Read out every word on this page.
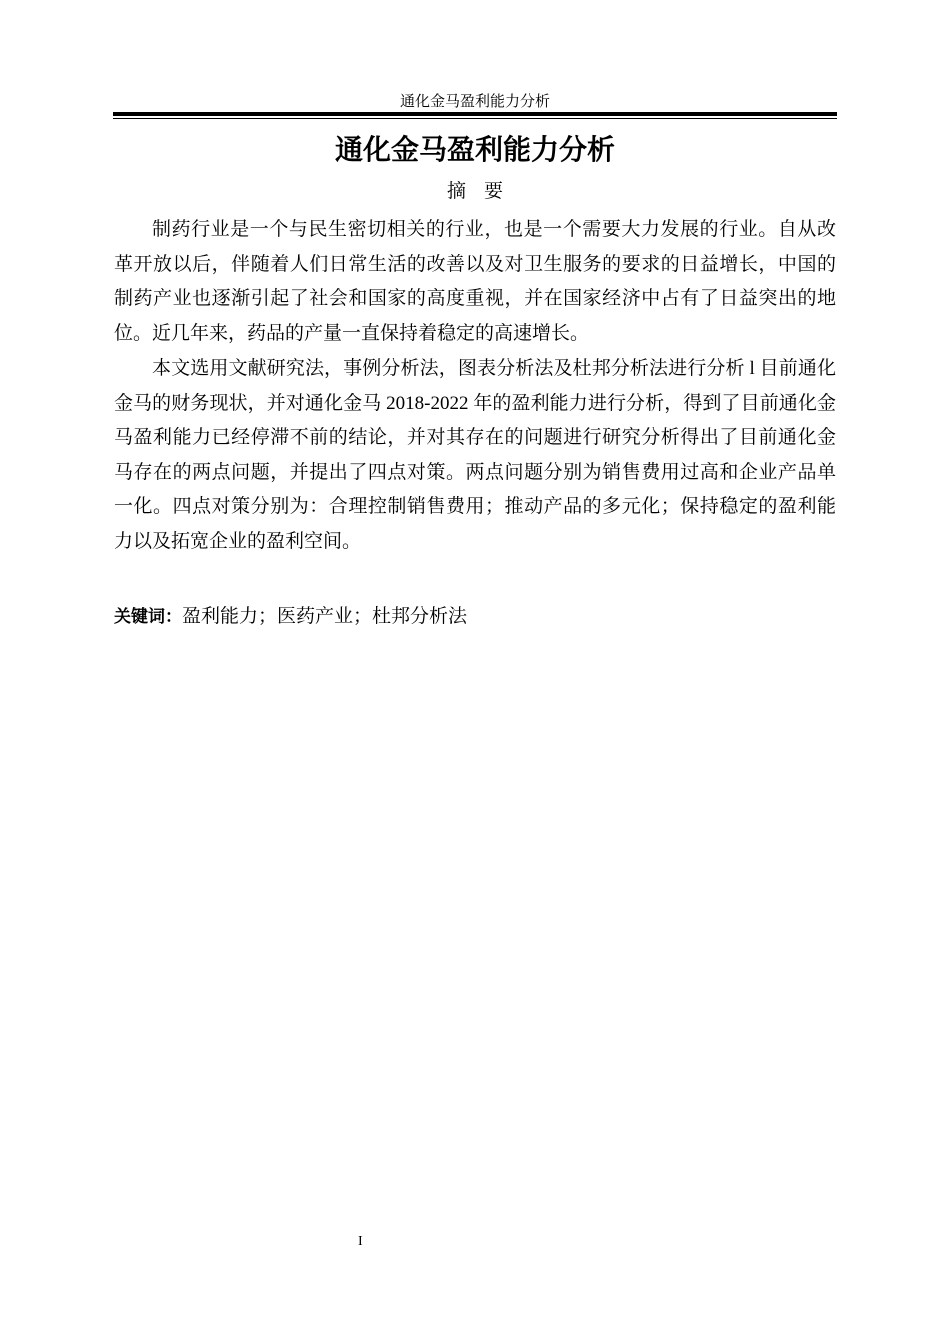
通化金马盈利能力分析
通化金马盈利能力分析
摘要
制药行业是一个与民生密切相关的行业，也是一个需要大力发展的行业。自从改
革开放以后，伴随着人们日常生活的改善以及对卫生服务的要求的日益增长，中国的
制药产业也逐渐引起了社会和国家的高度重视，并在国家经济中占有了日益突出的地
位。近几年来，药品的产量一直保持着稳定的高速增长。
本文选用文献研究法，事例分析法，图表分析法及杜邦分析法进行分析 l 目前通化
金马的财务现状，并对通化金马 2018-2022 年的盈利能力进行分析，得到了目前通化金
马盈利能力已经停滞不前的结论，并对其存在的问题进行研究分析得出了目前通化金
马存在的两点问题，并提出了四点对策。两点问题分别为销售费用过高和企业产品单
一化。四点对策分别为：合理控制销售费用；推动产品的多元化；保持稳定的盈利能
力以及拓宽企业的盈利空间。
关键词：盈利能力；医药产业；杜邦分析法
I
